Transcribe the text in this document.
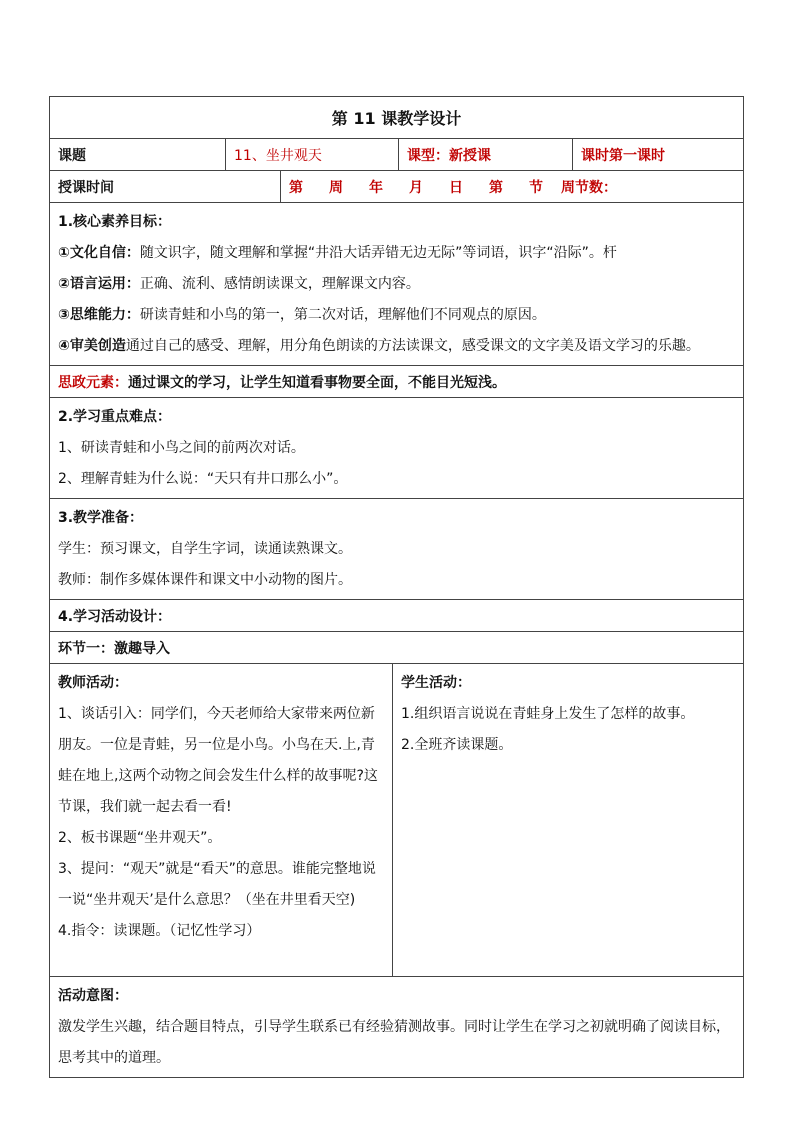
第 11 课教学设计
课题	11、坐井观天	课型：新授课	课时第一课时
授课时间	第 周 年 月 日 第 节 周节数：

1.核心素养目标：

①文化自信：随文识字，随文理解和掌握“井沿大话弄错无边无际”等词语，识字“沿际”。杆

②语言运用：正确、流利、感情朗读课文，理解课文内容。

③思维能力：研读青蛙和小鸟的第一，第二次对话，理解他们不同观点的原因。

④审美创造通过自己的感受、理解，用分角色朗读的方法读课文，感受课文的文字美及语文学习的乐趣。

思政元素： 通过课文的学习，让学生知道看事物要全面，不能目光短浅。

2.学习重点难点：

1、研读青蛙和小鸟之间的前两次对话。

2、理解青蛙为什么说：“天只有井口那么小”。

3.教学准备：

学生：预习课文，自学生字词，读通读熟课文。

教师：制作多媒体课件和课文中小动物的图片。

4.学习活动设计：
环节一：激趣导入

教师活动：

1、谈话引入：同学们，今天老师给大家带来两位新朋友。一位是青蛙，另一位是小鸟。小鸟在天.上,青蛙在地上,这两个动物之间会发生什么样的故事呢?这节课，我们就一起去看一看!

2、板书课题“坐井观天”。

3、提问：“观天”就是“看天”的意思。谁能完整地说一说“坐井观天’是什么意思？（坐在井里看天空)

4.指令：读课题。（记忆性学习）

学生活动：

1.组织语言说说在青蛙身上发生了怎样的故事。

2.全班齐读课题。

活动意图：

激发学生兴趣，结合题目特点，引导学生联系已有经验猜测故事。同时让学生在学习之初就明确了阅读目标，思考其中的道理。
